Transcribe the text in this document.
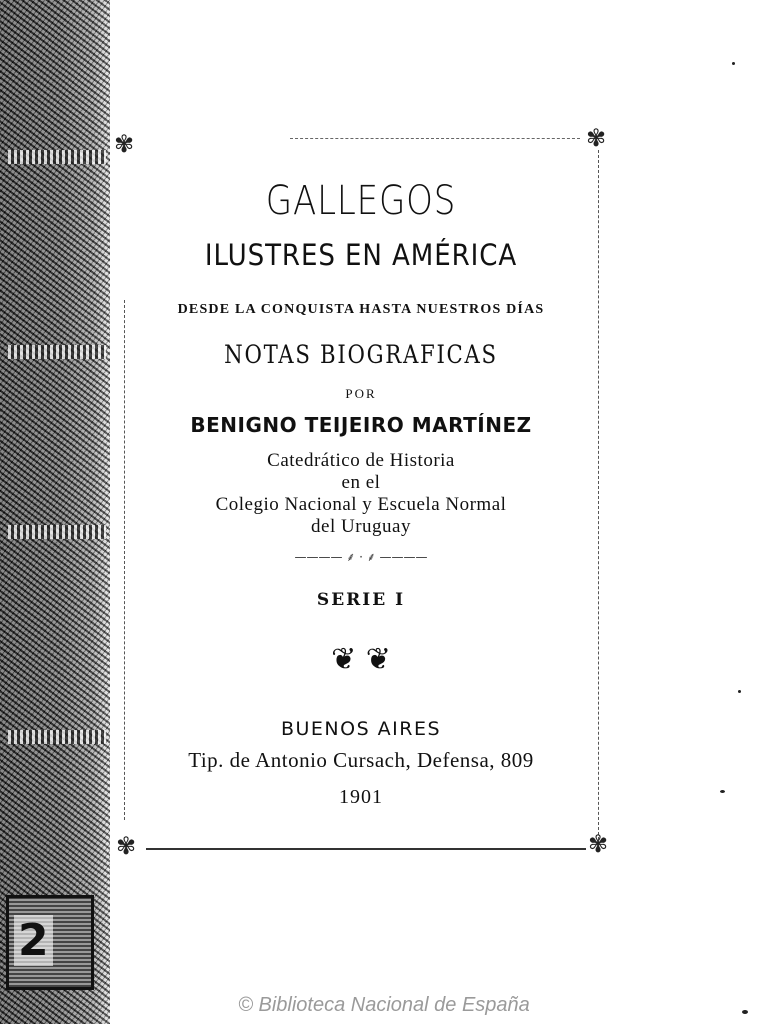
2
✾	✾
✾	✾
GALLEGOS
ILUSTRES EN AMÉRICA
DESDE LA CONQUISTA HASTA NUESTROS DÍAS
NOTAS BIOGRAFICAS
POR
BENIGNO TEIJEIRO MARTÍNEZ
Catedrático de Historia
en el
Colegio Nacional y Escuela Normal
del Uruguay
———— ⸙ · ⸙ ————
SERIE I
❦ ❦
BUENOS AIRES
Tip. de Antonio Cursach, Defensa, 809
1901
© Biblioteca Nacional de España
